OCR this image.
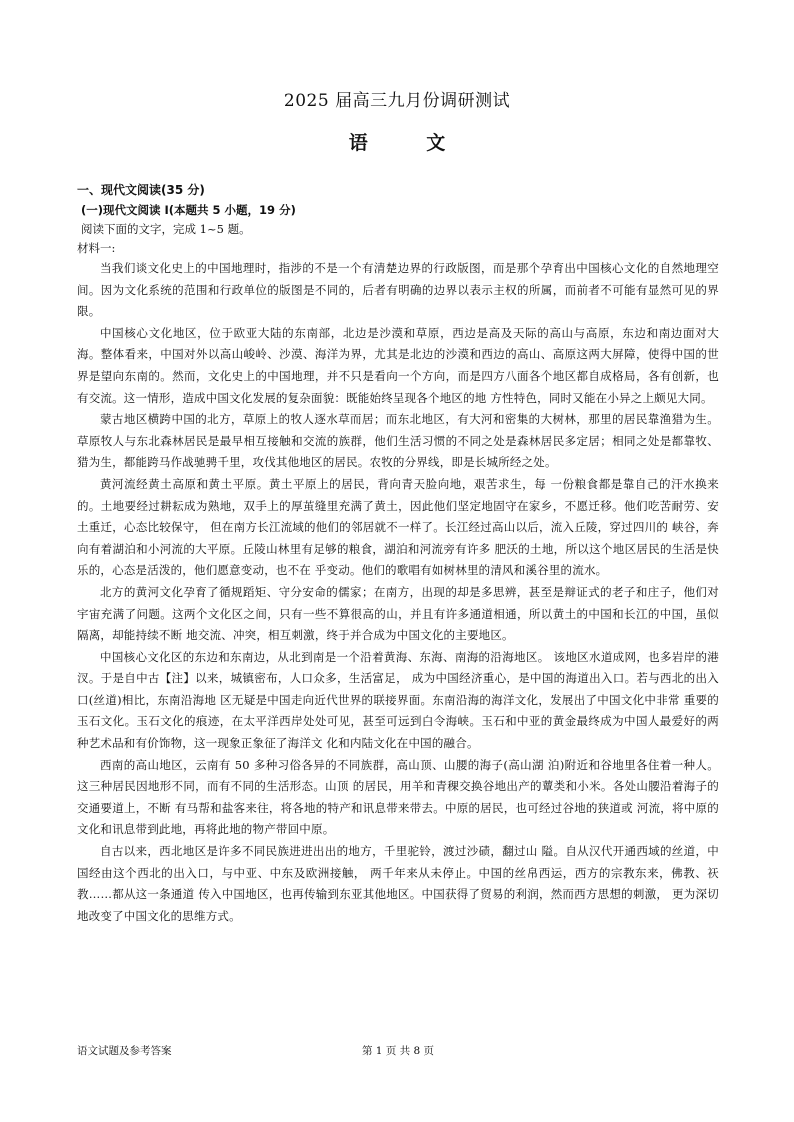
2025 届高三九月份调研测试
语 文

一、现代文阅读(35 分)

(一)现代文阅读 I(本题共 5 小题，19 分)

阅读下面的文字，完成 1~5 题。

材料一:

当我们谈文化史上的中国地理时，指涉的不是一个有清楚边界的行政版图，而是那个孕育出中国核心文化的自然地理空间。因为文化系统的范围和行政单位的版图是不同的，后者有明确的边界以表示主权的所属，而前者不可能有显然可见的界限。

中国核心文化地区，位于欧亚大陆的东南部，北边是沙漠和草原，西边是高及天际的高山与高原，东边和南边面对大海。整体看来，中国对外以高山峻岭、沙漠、海洋为界，尤其是北边的沙漠和西边的高山、高原这两大屏障，使得中国的世界是望向东南的。然而，文化史上的中国地理，并不只是看向一个方向，而是四方八面各个地区都自成格局，各有创新，也有交流。这一情形，造成中国文化发展的复杂面貌：既能始终呈现各个地区的地 方性特色，同时又能在小异之上颇见大同。

蒙古地区横跨中国的北方，草原上的牧人逐水草而居；而东北地区，有大河和密集的大树林，那里的居民靠渔猎为生。草原牧人与东北森林居民是最早相互接触和交流的族群，他们生活习惯的不同之处是森林居民多定居；相同之处是都靠牧、猎为生，都能跨马作战驰骋千里，攻伐其他地区的居民。农牧的分界线，即是长城所经之处。

黄河流经黄土高原和黄土平原。黄土平原上的居民，背向青天脸向地，艰苦求生，每 一份粮食都是靠自己的汗水换来的。土地要经过耕耘成为熟地，双手上的厚茧缝里充满了黄土，因此他们坚定地固守在家乡，不愿迁移。他们吃苦耐劳、安土重迁，心态比较保守， 但在南方长江流域的他们的邻居就不一样了。长江经过高山以后，流入丘陵，穿过四川的 峡谷，奔向有着湖泊和小河流的大平原。丘陵山林里有足够的粮食，湖泊和河流旁有许多 肥沃的土地，所以这个地区居民的生活是快乐的，心态是活泼的，他们愿意变动，也不在 乎变动。他们的歌唱有如树林里的清风和溪谷里的流水。

北方的黄河文化孕育了循规蹈矩、守分安命的儒家；在南方，出现的却是多思辨，甚至是辩证式的老子和庄子，他们对宇宙充满了问题。这两个文化区之间，只有一些不算很高的山，并且有许多通道相通，所以黄土的中国和长江的中国，虽似隔离，却能持续不断 地交流、冲突，相互刺激，终于并合成为中国文化的主要地区。

中国核心文化区的东边和东南边，从北到南是一个沿着黄海、东海、南海的沿海地区。 该地区水道成网，也多岩岸的港汊。于是自中古【注】以来，城镇密布，人口众多，生活富足， 成为中国经济重心，是中国的海道出入口。若与西北的出入口(丝道)相比，东南沿海地 区无疑是中国走向近代世界的联接界面。东南沿海的海洋文化，发展出了中国文化中非常 重要的玉石文化。玉石文化的痕迹，在太平洋西岸处处可见，甚至可远到白令海峡。玉石和中亚的黄金最终成为中国人最爱好的两种艺术品和有价饰物，这一现象正象征了海洋文 化和内陆文化在中国的融合。

西南的高山地区，云南有 50 多种习俗各异的不同族群，高山顶、山腰的海子(高山湖 泊)附近和谷地里各住着一种人。这三种居民因地形不同，而有不同的生活形态。山顶 的居民，用羊和青稞交换谷地出产的蕈类和小米。各处山腰沿着海子的交通要道上，不断 有马帮和盐客来往，将各地的特产和讯息带来带去。中原的居民，也可经过谷地的狭道或 河流，将中原的文化和讯息带到此地，再将此地的物产带回中原。

自古以来，西北地区是许多不同民族进进出出的地方，千里驼铃，渡过沙碛，翻过山 隘。自从汉代开通西域的丝道，中国经由这个西北的出入口，与中亚、中东及欧洲接触， 两千年来从未停止。中国的丝帛西运，西方的宗教东来，佛教、祆教……都从这一条通道 传入中国地区，也再传输到东亚其他地区。中国获得了贸易的利润，然而西方思想的刺激， 更为深切地改变了中国文化的思维方式。

第 1 页 共 8 页
语文试题及参考答案
